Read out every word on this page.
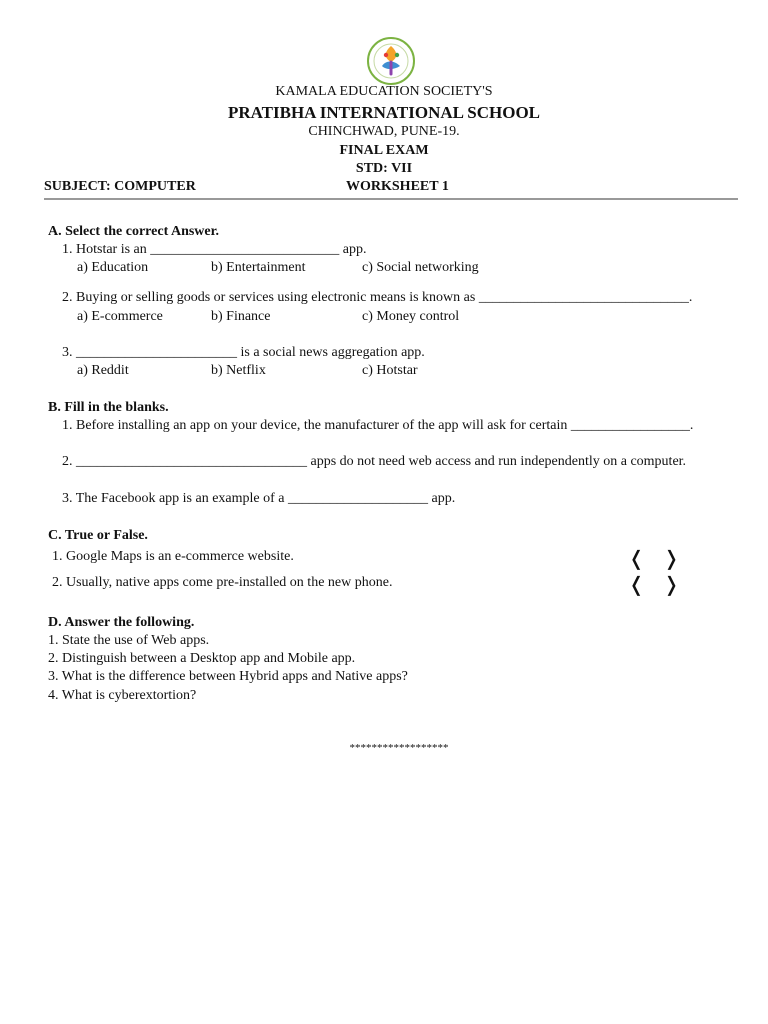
KAMALA EDUCATION SOCIETY'S
PRATIBHA INTERNATIONAL SCHOOL
CHINCHWAD, PUNE-19.
FINAL EXAM
STD: VII
SUBJECT: COMPUTER	WORKSHEET 1
A. Select the correct Answer.
1. Hotstar is an ___________________________ app.
a) Education	b) Entertainment	c) Social networking
2. Buying or selling goods or services using electronic means is known as ______________________________.
a) E-commerce	b) Finance	c) Money control
3. _______________________ is a social news aggregation app.
a) Reddit	b) Netflix	c) Hotstar
B. Fill in the blanks.
1. Before installing an app on your device, the manufacturer of the app will ask for certain _________________.
2. _________________________________ apps do not need web access and run independently on a computer.
3. The Facebook app is an example of a ____________________ app.
C. True or False.
1. Google Maps is an e-commerce website.	❬ ❭
2. Usually, native apps come pre-installed on the new phone.	❬ ❭
D. Answer the following.
1. State the use of Web apps.
2. Distinguish between a Desktop app and Mobile app.
3. What is the difference between Hybrid apps and Native apps?
4. What is cyberextortion?
******************
